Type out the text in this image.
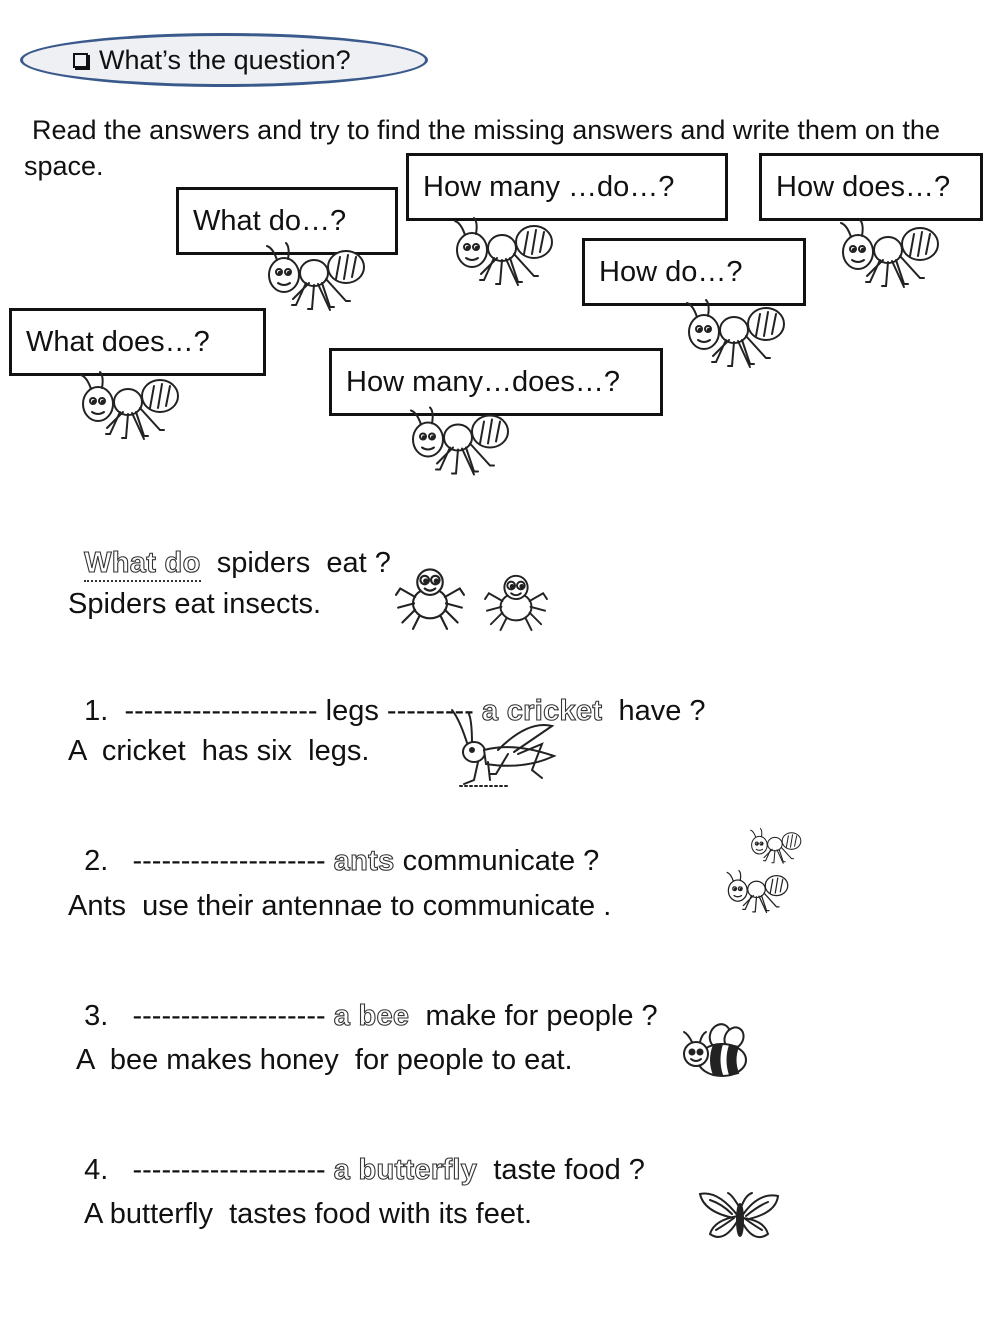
What’s the question?
Read the answers and try to find the missing answers and write them on the space.
What do…?
How many …do…?	How does…?
How do…?
What does…?
How many…does…?

What do spiders  eat ?

Spiders eat insects.

1. -------------------- legs --------- a cricket have ?

A  cricket  has six  legs.

2. -------------------- ants communicate ?

Ants  use their antennae to communicate .

3. -------------------- a bee make for people ?

A  bee makes honey  for people to eat.

4. -------------------- a butterfly taste food ?

A butterfly  tastes food with its feet.
